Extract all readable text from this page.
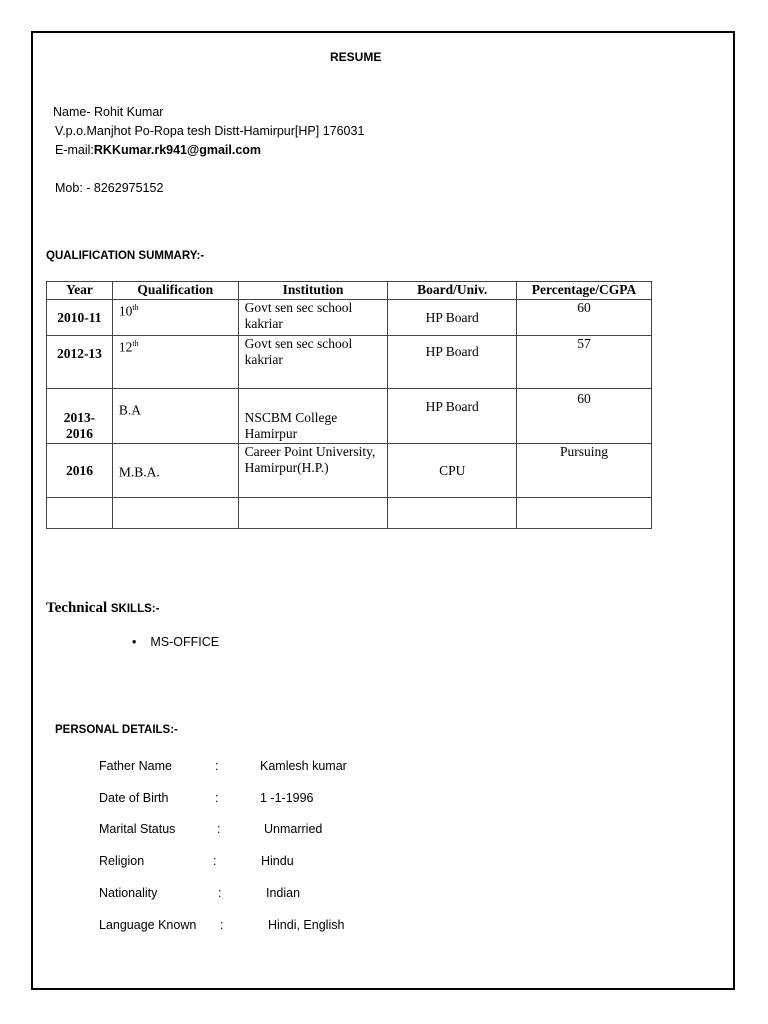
RESUME
Name- Rohit Kumar
V.p.o.Manjhot Po-Ropa tesh Distt-Hamirpur[HP] 176031
E-mail:RKKumar.rk941@gmail.com
Mob: - 8262975152
QUALIFICATION SUMMARY:-
Year	Qualification	Institution	Board/Univ.	Percentage/CGPA
2010-11	10th	Govt sen sec school kakriar	HP Board	60
2012-13	12th	Govt sen sec school kakriar	HP Board	57
2013-2016	B.A	NSCBM College Hamirpur	HP Board	60
2016	M.B.A.	Career Point University, Hamirpur(H.P.)	CPU	Pursuing

Technical SKILLS:-
• MS-OFFICE
PERSONAL DETAILS:-
Father Name	:	Kamlesh kumar
Date of Birth	:	1 -1-1996
Marital Status	:	Unmarried
Religion	:	Hindu
Nationality	:	Indian
Language Known :	Hindi, English
